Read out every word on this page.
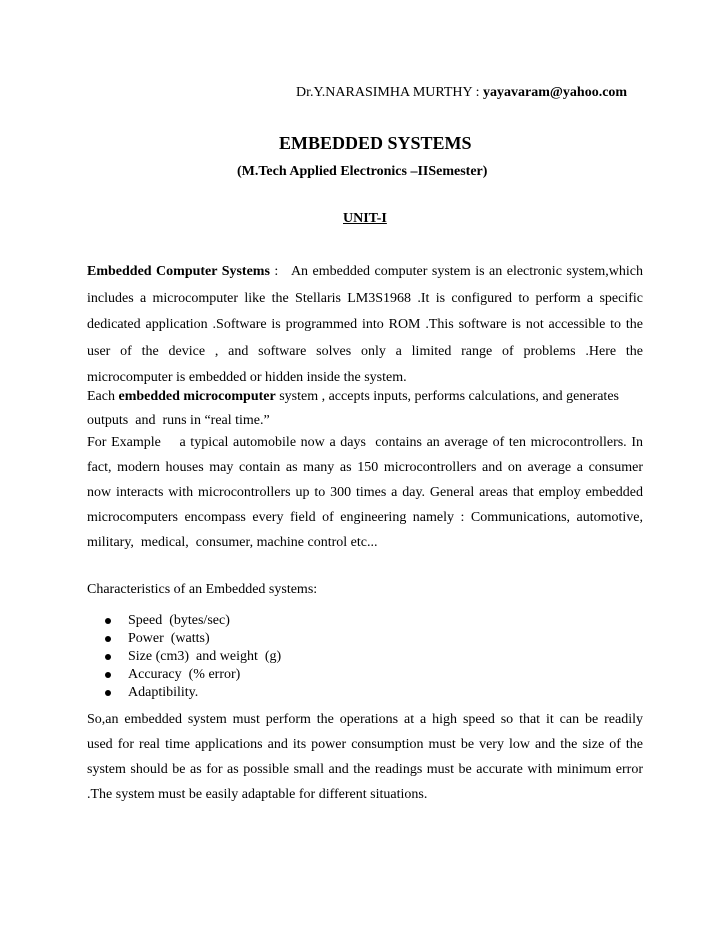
Dr.Y.NARASIMHA MURTHY : yayavaram@yahoo.com
EMBEDDED SYSTEMS
(M.Tech Applied Electronics –IISemester)
UNIT-I
Embedded Computer Systems :   An embedded computer system is an electronic system,which
includes a microcomputer like the Stellaris LM3S1968 .It is configured to perform a specific
dedicated application .Software is programmed into ROM .This software is not accessible to the
user of the device , and software solves only a limited range of problems .Here the
microcomputer is embedded or hidden inside the system.
Each embedded microcomputer system , accepts inputs, performs calculations, and generates
outputs  and  runs in “real time.”
For Example    a typical automobile now a days  contains an average of ten microcontrollers. In
fact, modern houses may contain as many as 150 microcontrollers and on average a consumer
now interacts with microcontrollers up to 300 times a day. General areas that employ embedded
microcomputers encompass every field of engineering namely : Communications, automotive,
military,  medical,  consumer, machine control etc...
Characteristics of an Embedded systems:
Speed  (bytes/sec)
Power  (watts)
Size (cm3)  and weight  (g)
Accuracy  (% error)
Adaptibility.
So,an embedded system must perform the operations at a high speed so that it can be readily
used for real time applications and its power consumption must be very low and the size of the
system should be as for as possible small and the readings must be accurate with minimum error
.The system must be easily adaptable for different situations.
